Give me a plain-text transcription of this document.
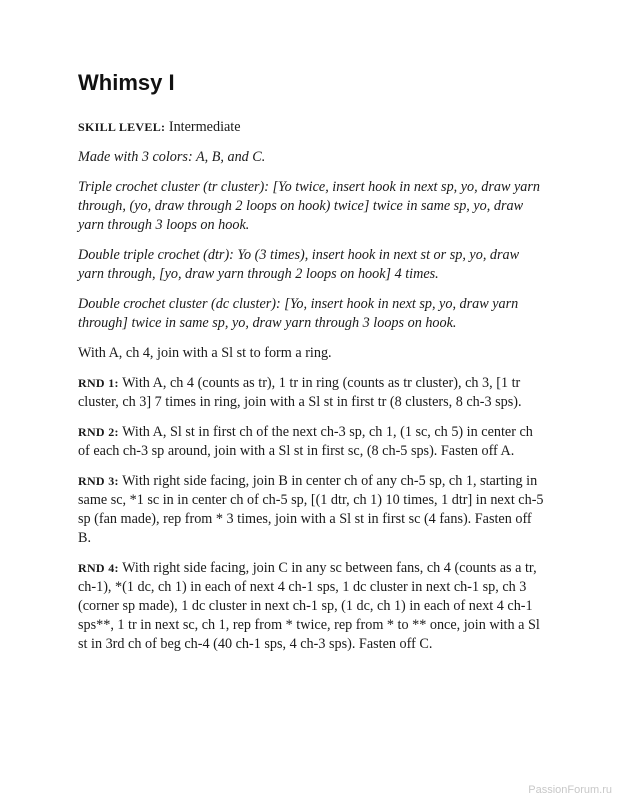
Whimsy I

SKILL LEVEL: Intermediate

Made with 3 colors: A, B, and C.

Triple crochet cluster (tr cluster): [Yo twice, insert hook in next sp, yo, draw yarn through, (yo, draw through 2 loops on hook) twice] twice in same sp, yo, draw yarn through 3 loops on hook.

Double triple crochet (dtr): Yo (3 times), insert hook in next st or sp, yo, draw yarn through, [yo, draw yarn through 2 loops on hook] 4 times.

Double crochet cluster (dc cluster): [Yo, insert hook in next sp, yo, draw yarn through] twice in same sp, yo, draw yarn through 3 loops on hook.

With A, ch 4, join with a Sl st to form a ring.

RND 1: With A, ch 4 (counts as tr), 1 tr in ring (counts as tr cluster), ch 3, [1 tr cluster, ch 3] 7 times in ring, join with a Sl st in first tr (8 clusters, 8 ch-3 sps).

RND 2: With A, Sl st in first ch of the next ch-3 sp, ch 1, (1 sc, ch 5) in center ch of each ch-3 sp around, join with a Sl st in first sc, (8 ch-5 sps). Fasten off A.

RND 3: With right side facing, join B in center ch of any ch-5 sp, ch 1, starting in same sc, *1 sc in in center ch of ch-5 sp, [(1 dtr, ch 1) 10 times, 1 dtr] in next ch-5 sp (fan made), rep from * 3 times, join with a Sl st in first sc (4 fans). Fasten off B.

RND 4: With right side facing, join C in any sc between fans, ch 4 (counts as a tr, ch-1), *(1 dc, ch 1) in each of next 4 ch-1 sps, 1 dc cluster in next ch-1 sp, ch 3 (corner sp made), 1 dc cluster in next ch-1 sp, (1 dc, ch 1) in each of next 4 ch-1 sps**, 1 tr in next sc, ch 1, rep from * twice, rep from * to ** once, join with a Sl st in 3rd ch of beg ch-4 (40 ch-1 sps, 4 ch-3 sps). Fasten off C.

PassionForum.ru
